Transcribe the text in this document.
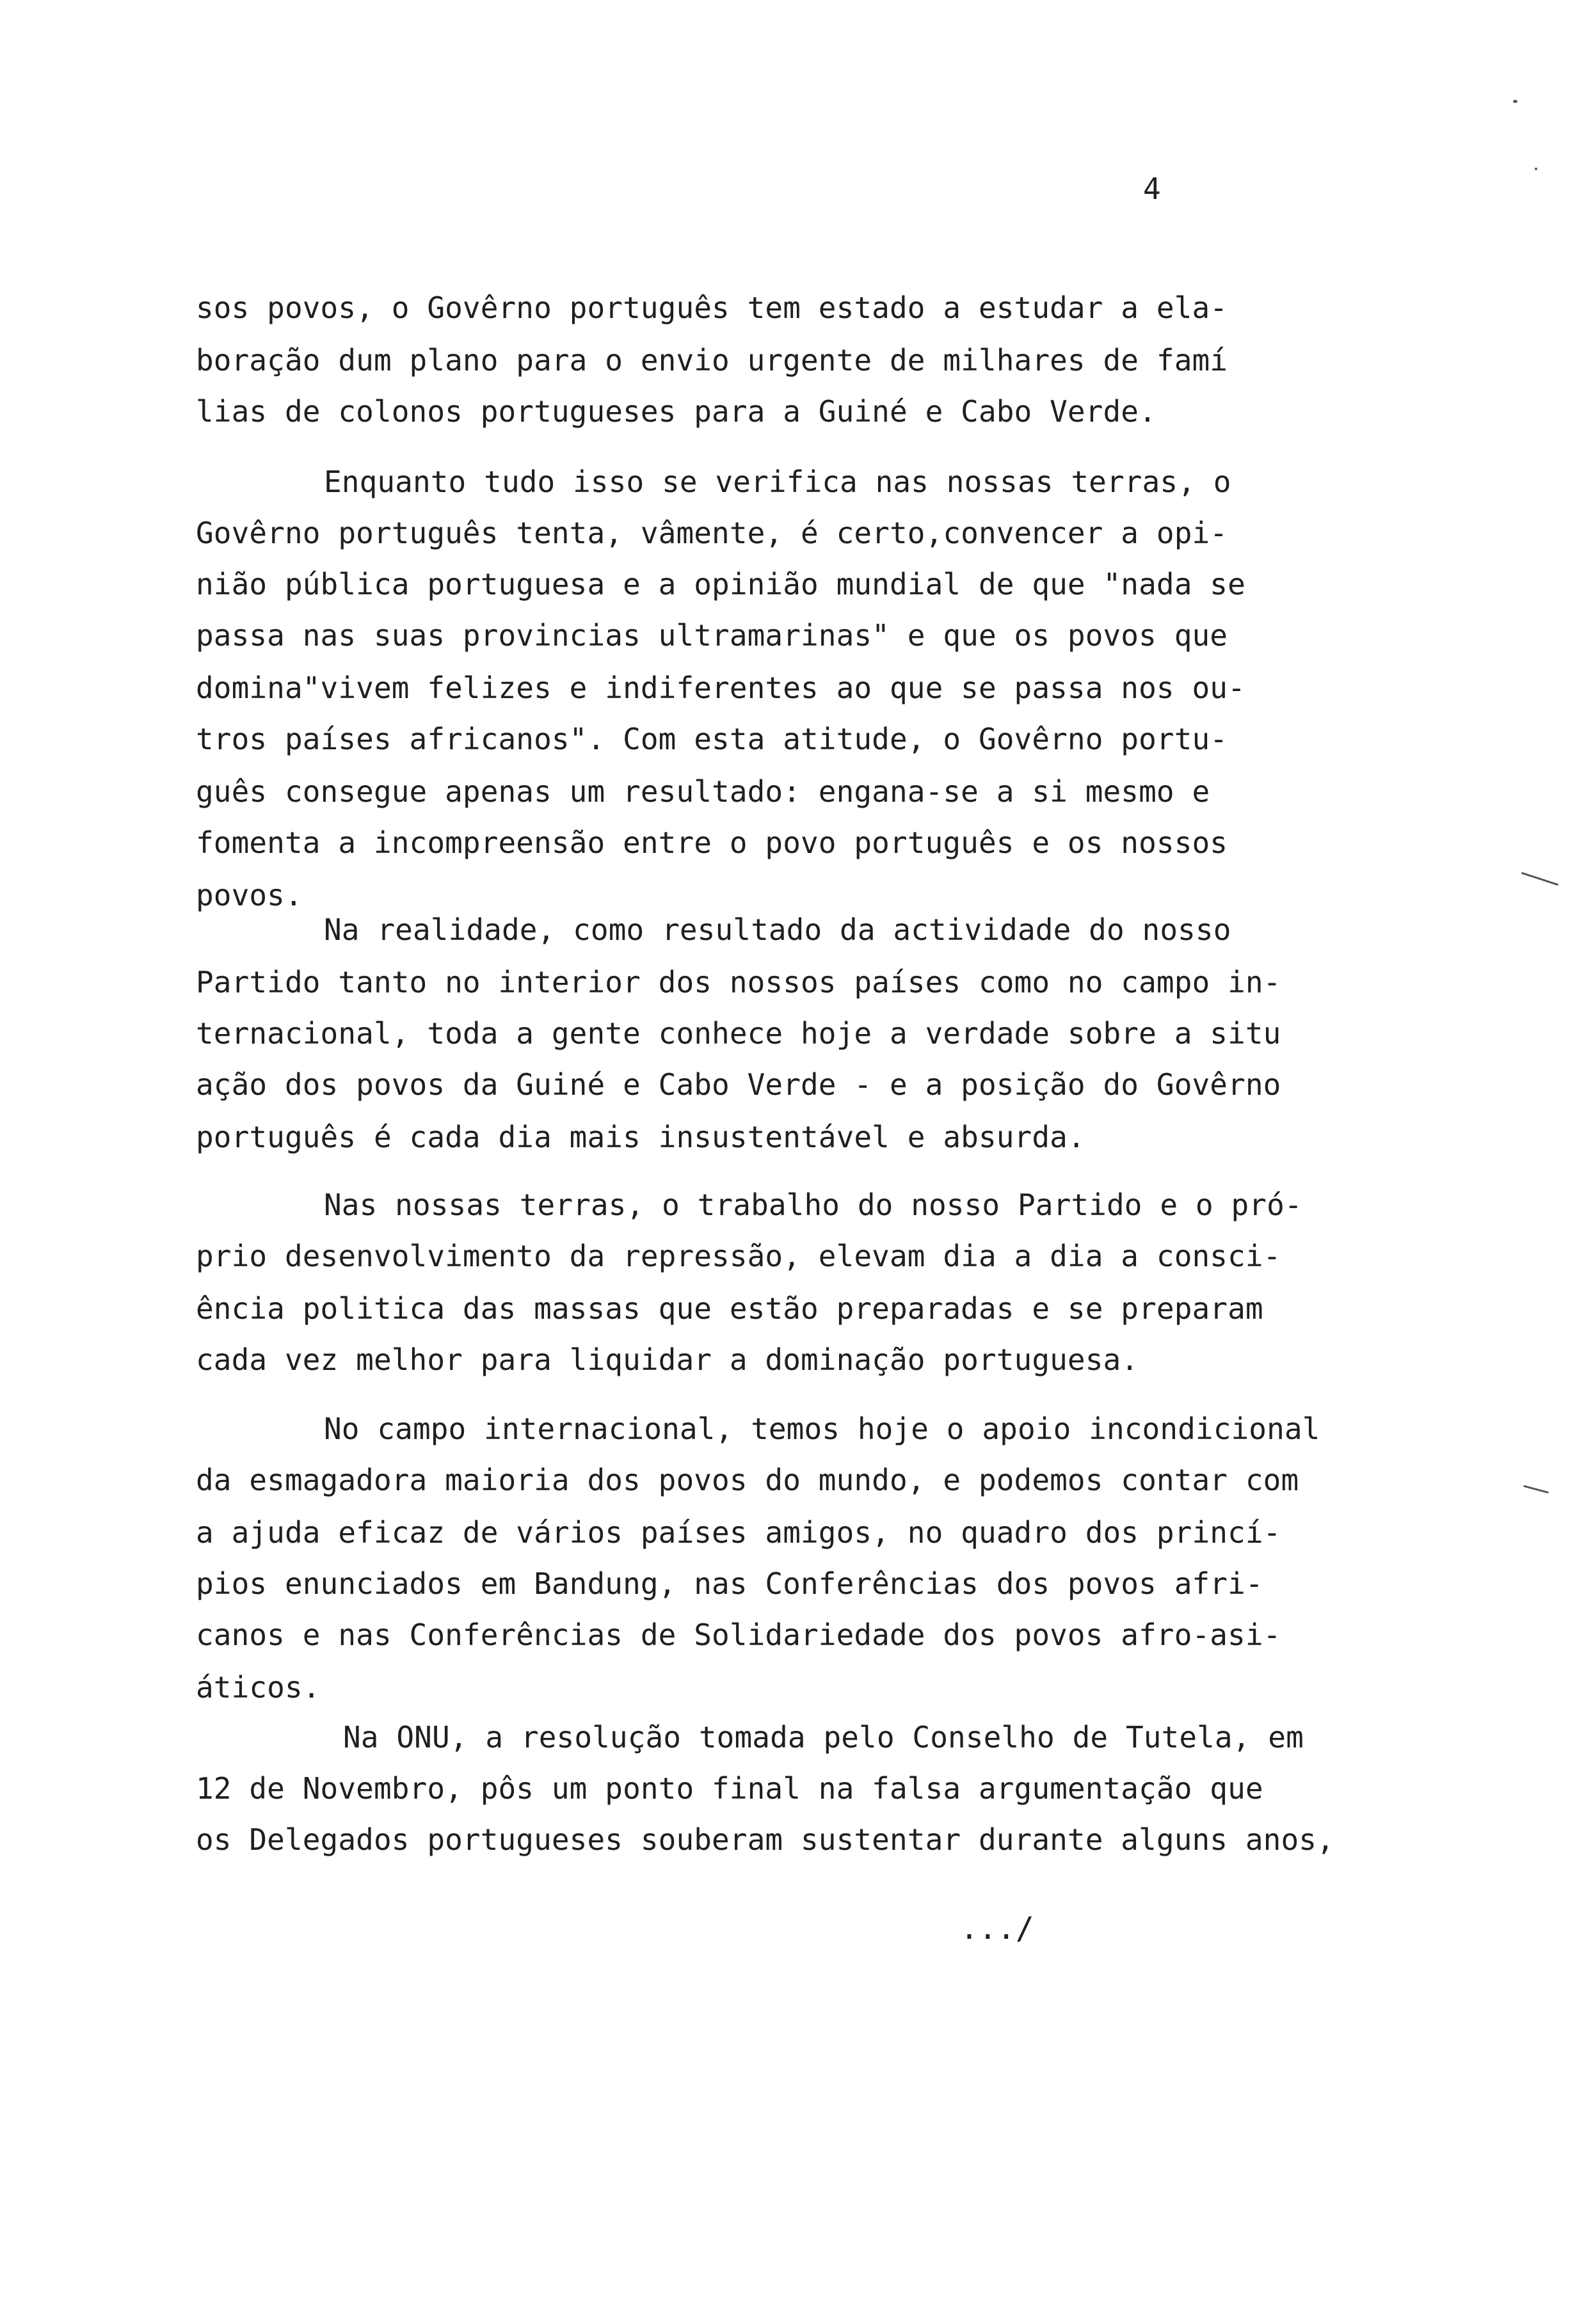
4
sos povos, o Govêrno português tem estado a estudar a ela-
boração dum plano para o envio urgente de milhares de famí
lias de colonos portugueses para a Guiné e Cabo Verde.
Enquanto tudo isso se verifica nas nossas terras, o
Govêrno português tenta, vâmente, é certo,convencer a opi-
nião pública portuguesa e a opinião mundial de que "nada se
passa nas suas provincias ultramarinas" e que os povos que
domina"vivem felizes e indiferentes ao que se passa nos ou-
tros países africanos". Com esta atitude, o Govêrno portu-
guês consegue apenas um resultado: engana-se a si mesmo e
fomenta a incompreensão entre o povo português e os nossos
povos.
Na realidade, como resultado da actividade do nosso
Partido tanto no interior dos nossos países como no campo in-
ternacional, toda a gente conhece hoje a verdade sobre a situ
ação dos povos da Guiné e Cabo Verde - e a posição do Govêrno
português é cada dia mais insustentável e absurda.
Nas nossas terras, o trabalho do nosso Partido e o pró-
prio desenvolvimento da repressão, elevam dia a dia a consci-
ência politica das massas que estão preparadas e se preparam
cada vez melhor para liquidar a dominação portuguesa.
No campo internacional, temos hoje o apoio incondicional
da esmagadora maioria dos povos do mundo, e podemos contar com
a ajuda eficaz de vários países amigos, no quadro dos princí-
pios enunciados em Bandung, nas Conferências dos povos afri-
canos e nas Conferências de Solidariedade dos povos afro-asi-
áticos.
Na ONU, a resolução tomada pelo Conselho de Tutela, em
12 de Novembro, pôs um ponto final na falsa argumentação que
os Delegados portugueses souberam sustentar durante alguns anos,
.../
